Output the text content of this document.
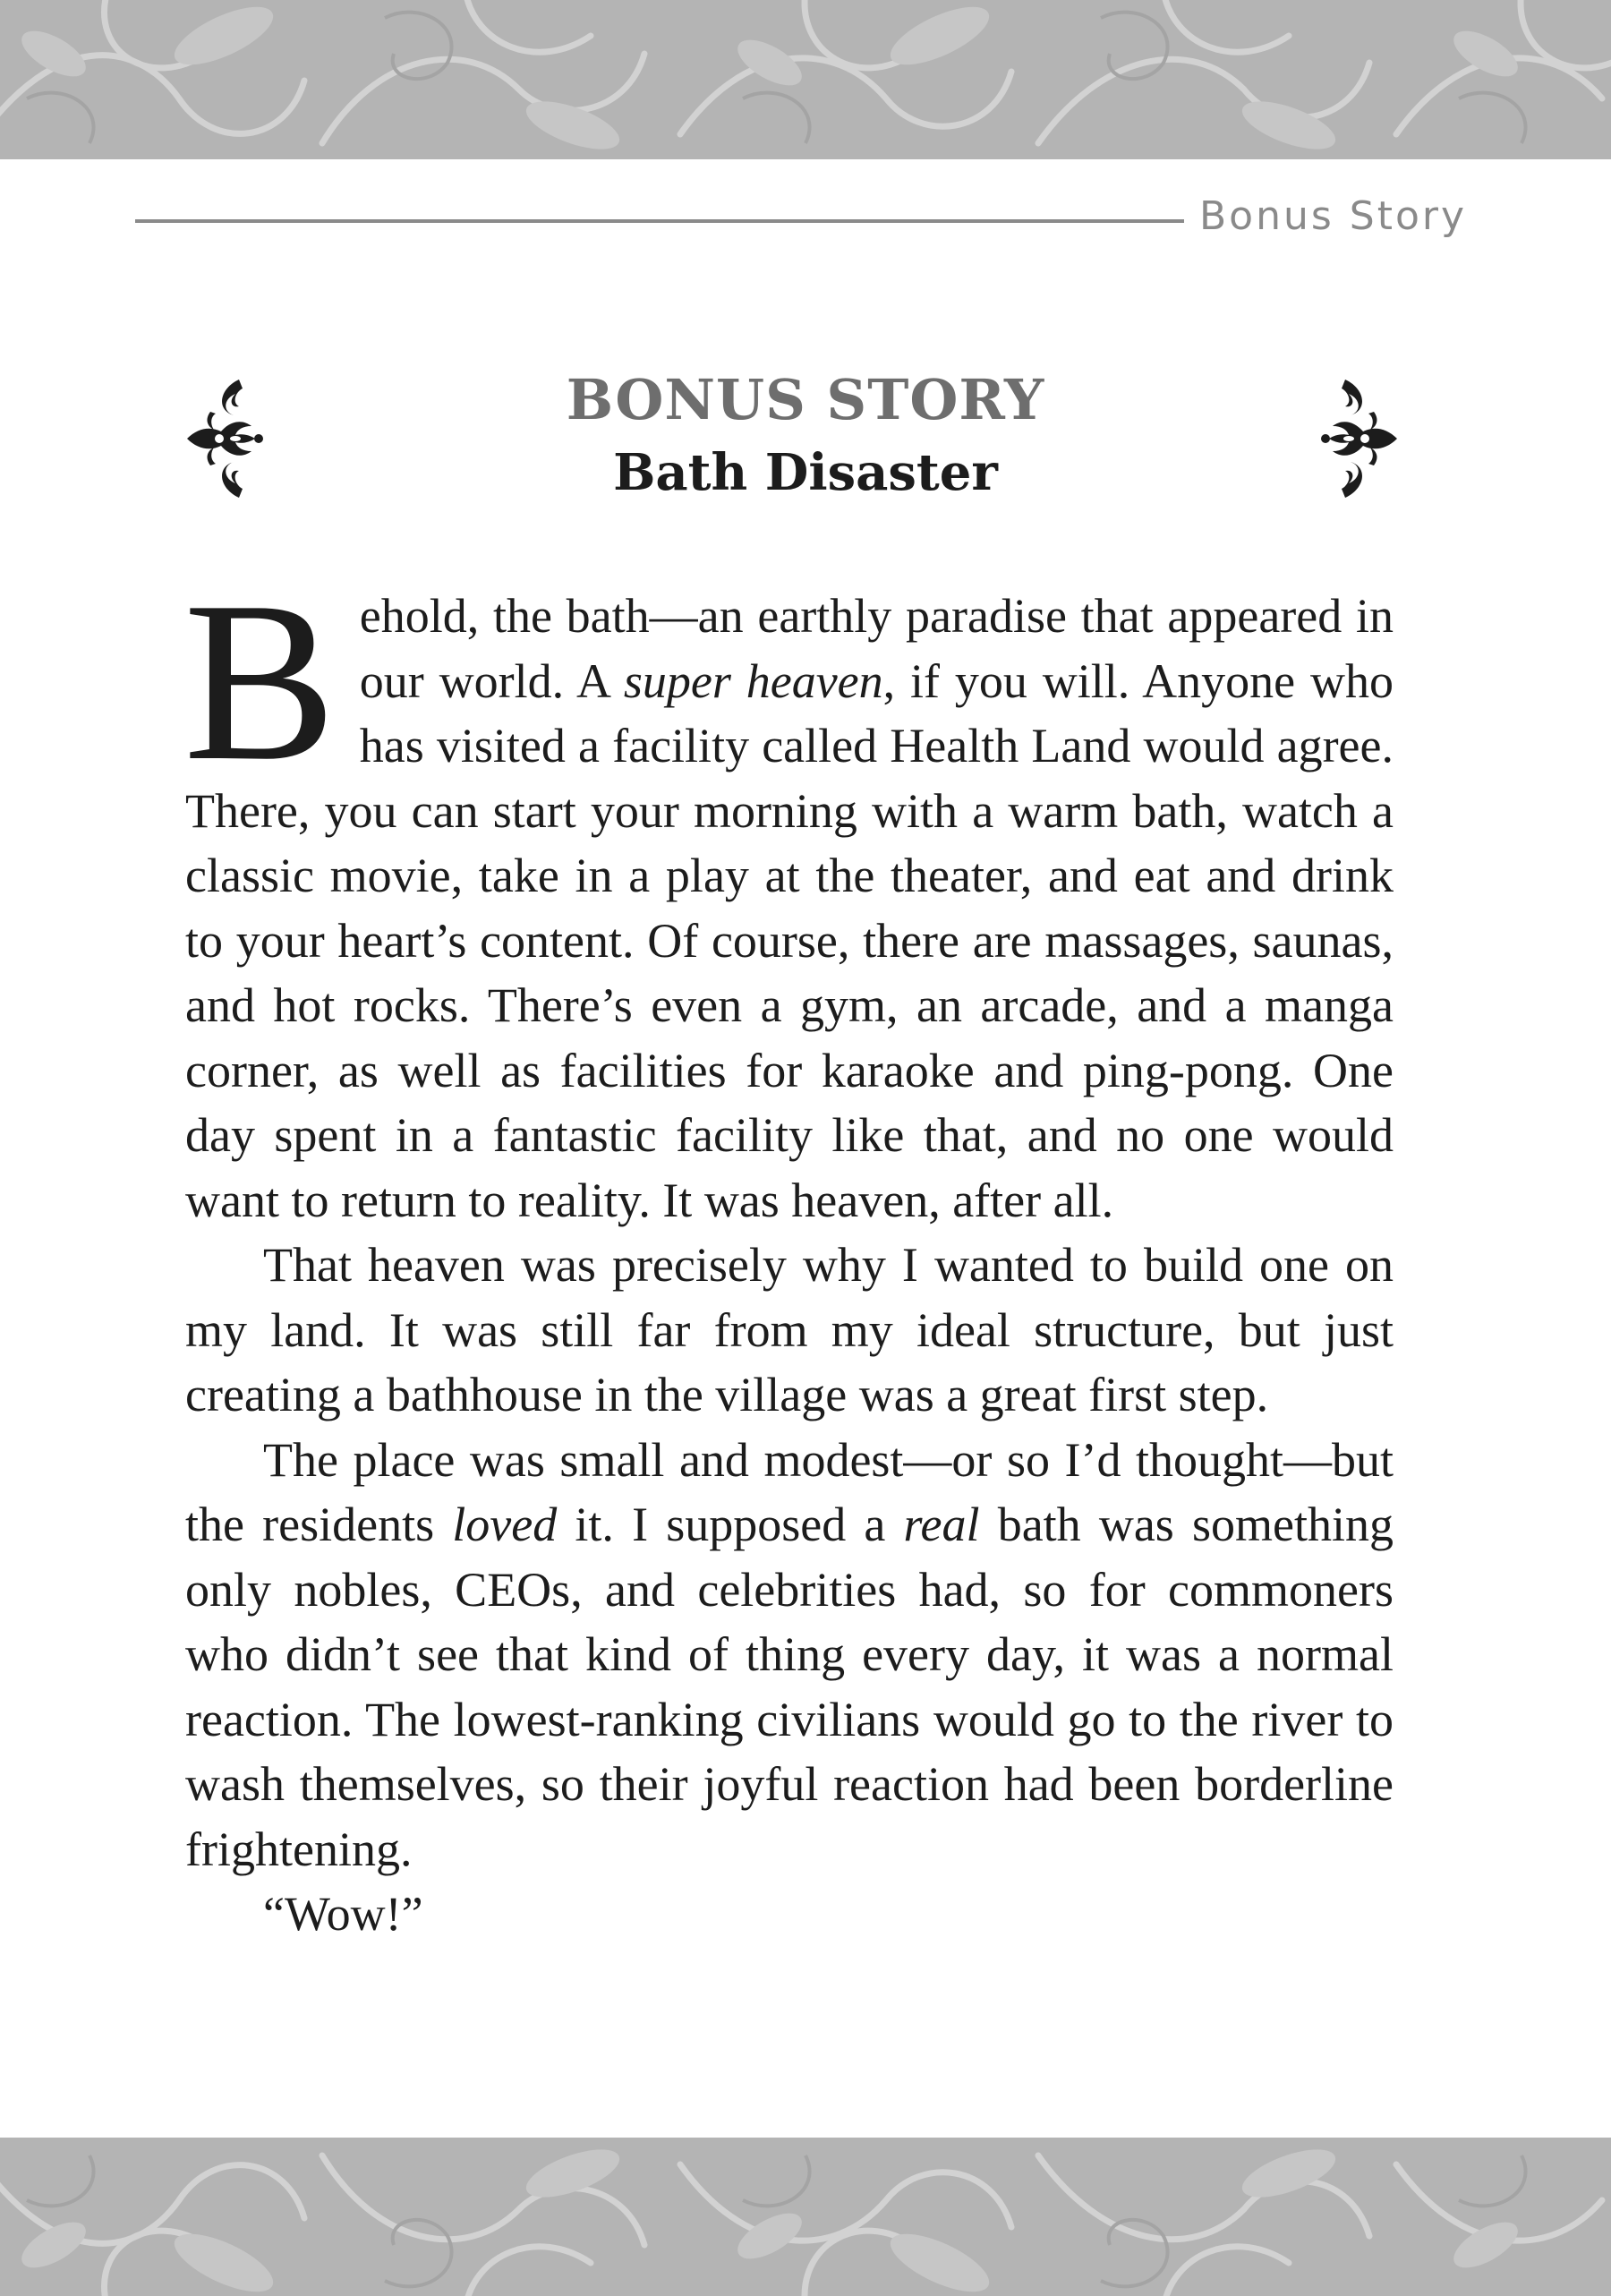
Bonus Story
BONUS STORY
Bath Disaster

Behold, the bath—an earthly paradise that appeared in our world. A super heaven, if you will. Anyone who has visited a facility called Health Land would agree. There, you can start your morning with a warm bath, watch a classic movie, take in a play at the theater, and eat and drink to your heart’s content. Of course, there are massages, saunas, and hot rocks. There’s even a gym, an arcade, and a manga corner, as well as facilities for karaoke and ping-pong. One day spent in a fantastic facility like that, and no one would want to return to reality. It was heaven, after all.

That heaven was precisely why I wanted to build one on my land. It was still far from my ideal structure, but just creating a bathhouse in the village was a great first step.

The place was small and modest—or so I’d thought—but the residents loved it. I supposed a real bath was something only nobles, CEOs, and celebrities had, so for commoners who didn’t see that kind of thing every day, it was a normal reaction. The lowest-ranking civilians would go to the river to wash themselves, so their joyful reaction had been borderline frightening.

“Wow!”
